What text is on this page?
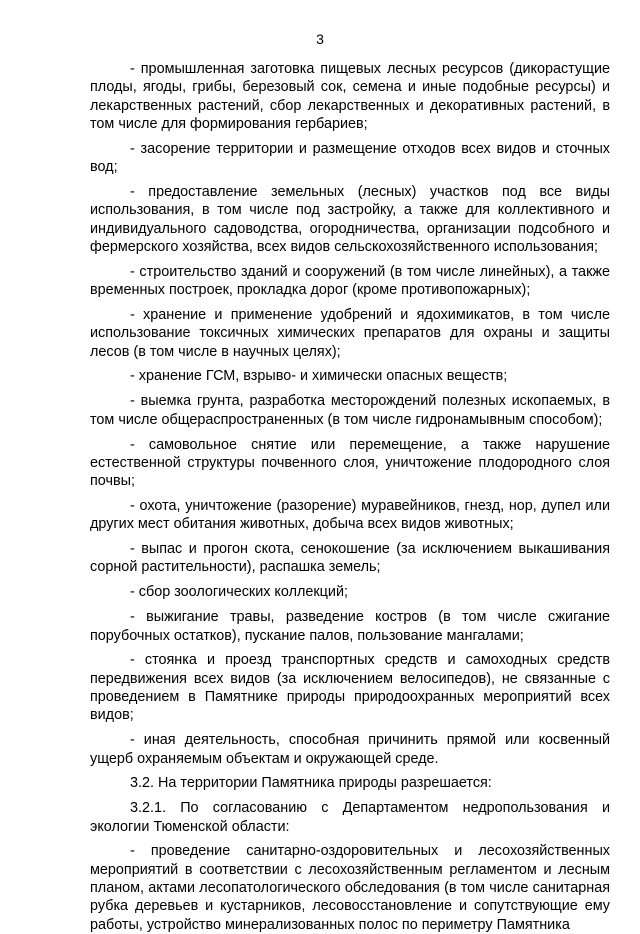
3

- промышленная заготовка пищевых лесных ресурсов (дикорастущие плоды, ягоды, грибы, березовый сок, семена и иные подобные ресурсы) и лекарственных растений, сбор лекарственных и декоративных растений, в том числе для формирования гербариев;

- засорение территории и размещение отходов всех видов и сточных вод;

- предоставление земельных (лесных) участков под все виды использования, в том числе под застройку, а также для коллективного и индивидуального садоводства, огородничества, организации подсобного и фермерского хозяйства, всех видов сельскохозяйственного использования;

- строительство зданий и сооружений (в том числе линейных), а также временных построек, прокладка дорог (кроме противопожарных);

- хранение и применение удобрений и ядохимикатов, в том числе использование токсичных химических препаратов для охраны и защиты лесов (в том числе в научных целях);

- хранение ГСМ, взрыво- и химически опасных веществ;

- выемка грунта, разработка месторождений полезных ископаемых, в том числе общераспространенных (в том числе гидронамывным способом);

- самовольное снятие или перемещение, а также нарушение естественной структуры почвенного слоя, уничтожение плодородного слоя почвы;

- охота, уничтожение (разорение) муравейников, гнезд, нор, дупел или других мест обитания животных, добыча всех видов животных;

- выпас и прогон скота, сенокошение (за исключением выкашивания сорной растительности), распашка земель;

- сбор зоологических коллекций;

- выжигание травы, разведение костров (в том числе сжигание порубочных остатков), пускание палов, пользование мангалами;

- стоянка и проезд транспортных средств и самоходных средств передвижения всех видов (за исключением велосипедов), не связанные с проведением в Памятнике природы природоохранных мероприятий всех видов;

- иная деятельность, способная причинить прямой или косвенный ущерб охраняемым объектам и окружающей среде.

3.2. На территории Памятника природы разрешается:

3.2.1. По согласованию с Департаментом недропользования и экологии Тюменской области:

- проведение санитарно-оздоровительных и лесохозяйственных мероприятий в соответствии с лесохозяйственным регламентом и лесным планом, актами лесопатологического обследования (в том числе санитарная рубка деревьев и кустарников, лесовосстановление и сопутствующие ему работы, устройство минерализованных полос по периметру Памятника
